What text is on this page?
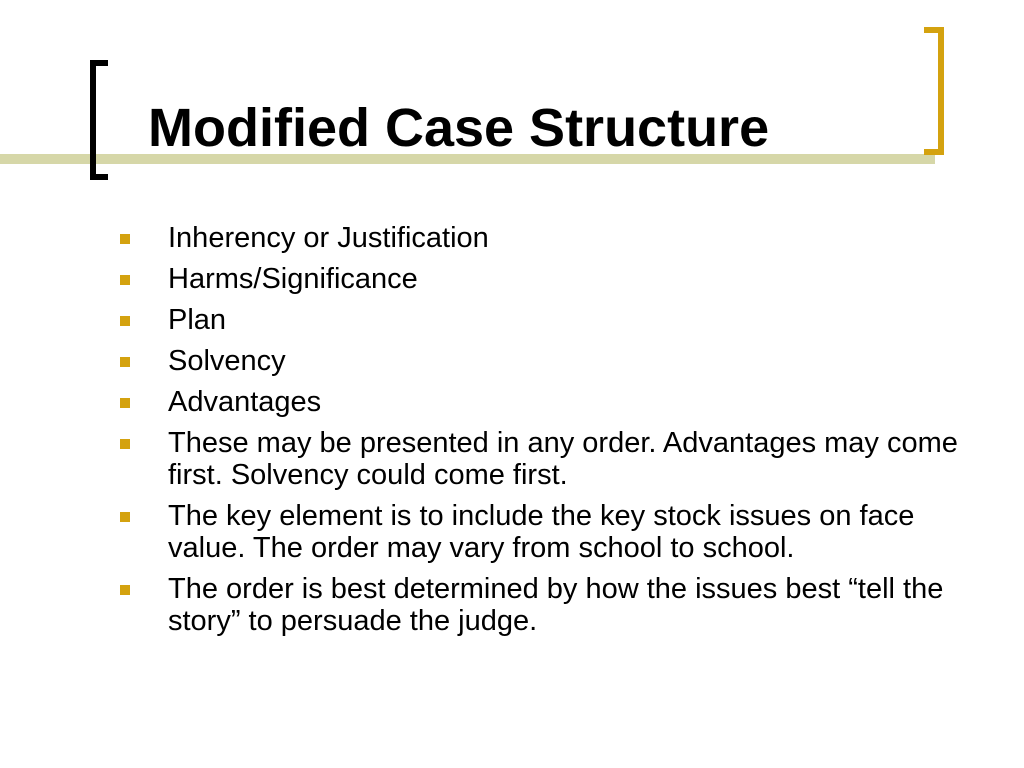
Modified Case Structure
Inherency or Justification
Harms/Significance
Plan
Solvency
Advantages
These may be presented in any order. Advantages may come first. Solvency could come first.
The key element is to include the key stock issues on face value. The order may vary from school to school.
The order is best determined by how the issues best “tell the story” to persuade the judge.
